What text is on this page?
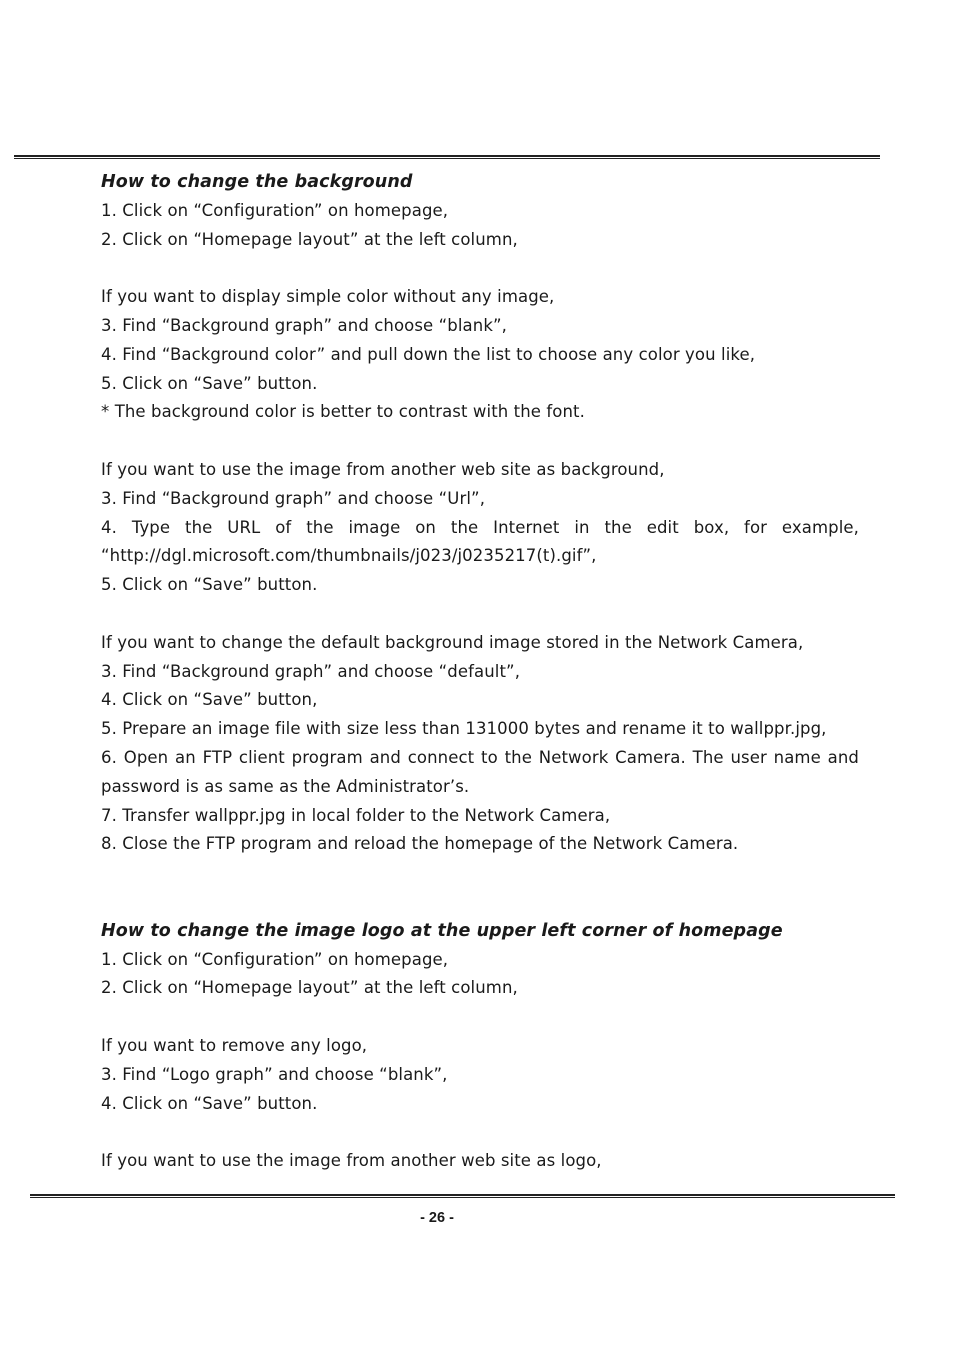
How to change the background

1. Click on “Configuration” on homepage,

2. Click on “Homepage layout” at the left column,

If you want to display simple color without any image,

3. Find “Background graph” and choose “blank”,

4. Find “Background color” and pull down the list to choose any color you like,

5. Click on “Save” button.

* The background color is better to contrast with the font.

If you want to use the image from another web site as background,

3. Find “Background graph” and choose “Url”,

4. Type the URL of the image on the Internet in the edit box, for example, “http://dgl.microsoft.com/thumbnails/j023/j0235217(t).gif”,

5. Click on “Save” button.

If you want to change the default background image stored in the Network Camera,

3. Find “Background graph” and choose “default”,

4. Click on “Save” button,

5. Prepare an image file with size less than 131000 bytes and rename it to wallppr.jpg,

6. Open an FTP client program and connect to the Network Camera. The user name and password is as same as the Administrator’s.

7. Transfer wallppr.jpg in local folder to the Network Camera,

8. Close the FTP program and reload the homepage of the Network Camera.

How to change the image logo at the upper left corner of homepage

1. Click on “Configuration” on homepage,

2. Click on “Homepage layout” at the left column,

If you want to remove any logo,

3. Find “Logo graph” and choose “blank”,

4. Click on “Save” button.

If you want to use the image from another web site as logo,

- 26 -
